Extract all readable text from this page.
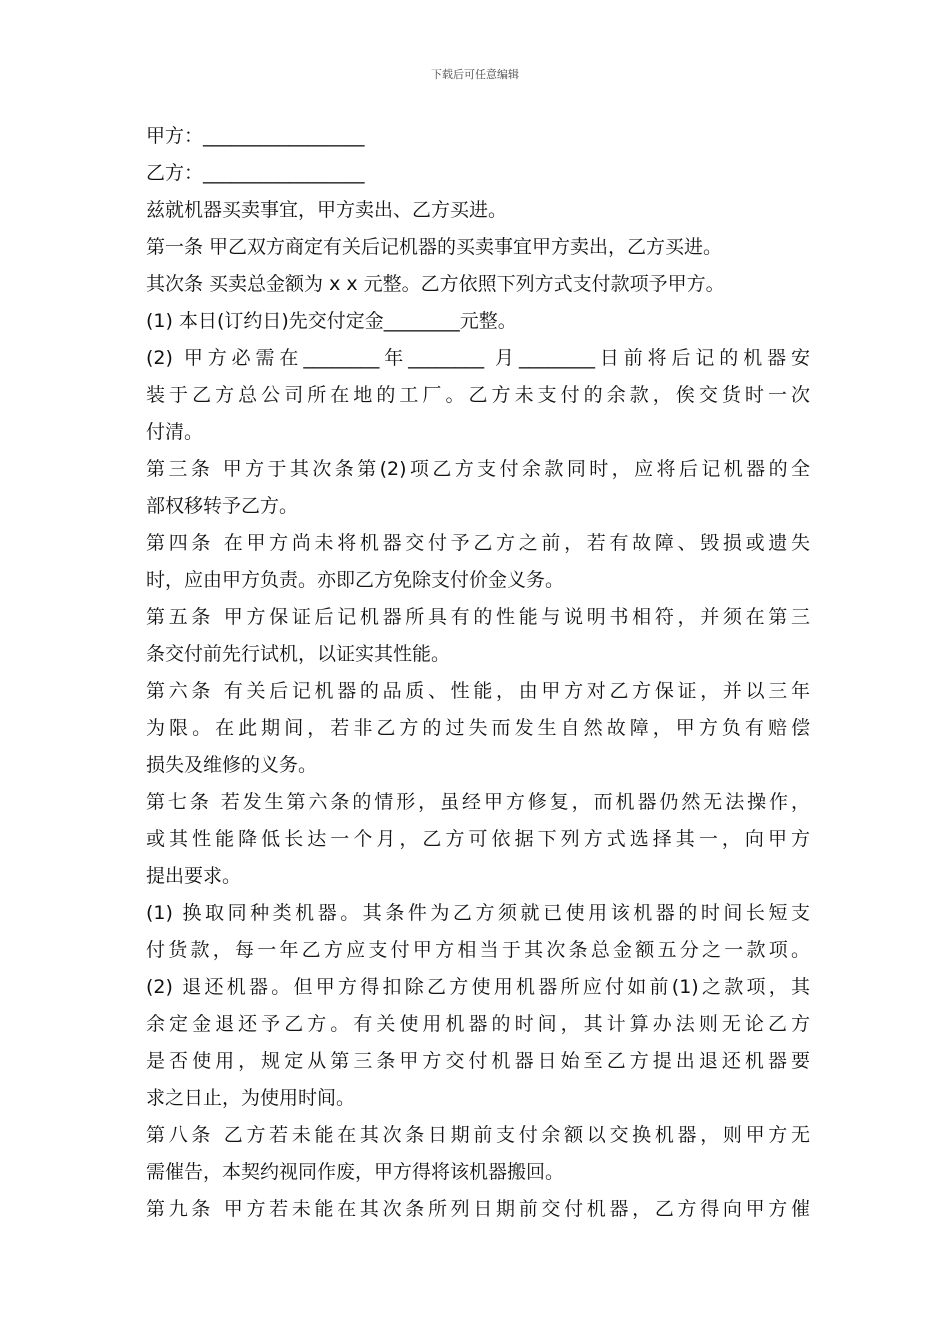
下载后可任意编辑
甲方：_________________
乙方：_________________
兹就机器买卖事宜，甲方卖出、乙方买进。
第一条 甲乙双方商定有关后记机器的买卖事宜甲方卖出，乙方买进。
其次条 买卖总金额为 x x 元整。乙方依照下列方式支付款项予甲方。
(1) 本日(订约日)先交付定金________元整。
(2) 甲方必需在________年________ 月________日前将后记的机器安
装于乙方总公司所在地的工厂。乙方未支付的余款，俟交货时一次
付清。
第三条 甲方于其次条第(2)项乙方支付余款同时，应将后记机器的全
部权移转予乙方。
第四条 在甲方尚未将机器交付予乙方之前，若有故障、毁损或遗失
时，应由甲方负责。亦即乙方免除支付价金义务。
第五条 甲方保证后记机器所具有的性能与说明书相符，并须在第三
条交付前先行试机，以证实其性能。
第六条 有关后记机器的品质、性能，由甲方对乙方保证，并以三年
为限。在此期间，若非乙方的过失而发生自然故障，甲方负有赔偿
损失及维修的义务。
第七条 若发生第六条的情形，虽经甲方修复，而机器仍然无法操作，
或其性能降低长达一个月，乙方可依据下列方式选择其一，向甲方
提出要求。
(1) 换取同种类机器。其条件为乙方须就已使用该机器的时间长短支
付货款，每一年乙方应支付甲方相当于其次条总金额五分之一款项。
(2) 退还机器。但甲方得扣除乙方使用机器所应付如前(1)之款项，其
余定金退还予乙方。有关使用机器的时间，其计算办法则无论乙方
是否使用，规定从第三条甲方交付机器日始至乙方提出退还机器要
求之日止，为使用时间。
第八条 乙方若未能在其次条日期前支付余额以交换机器，则甲方无
需催告，本契约视同作废，甲方得将该机器搬回。
第九条 甲方若未能在其次条所列日期前交付机器，乙方得向甲方催
